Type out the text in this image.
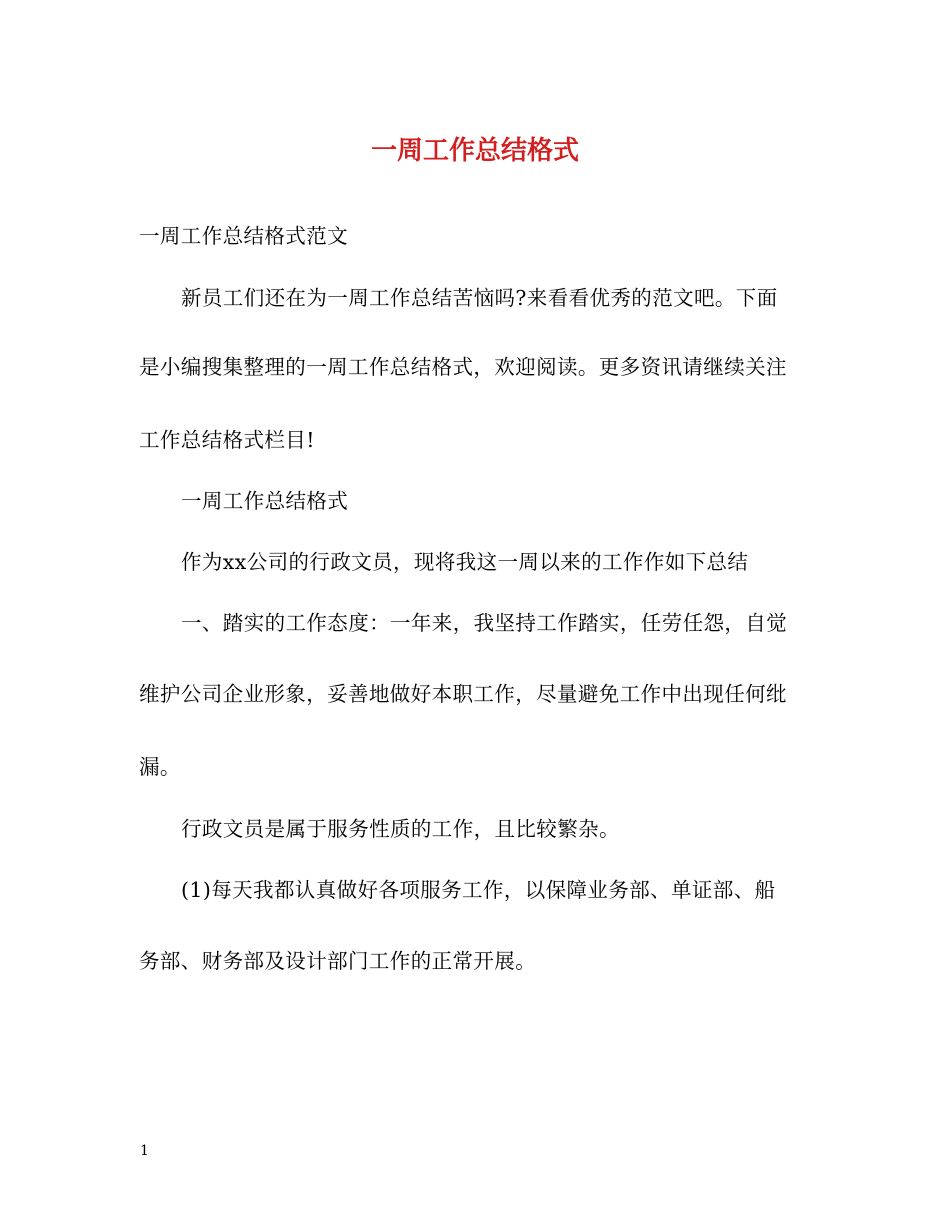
一周工作总结格式
一周工作总结格式范文
新员工们还在为一周工作总结苦恼吗?来看看优秀的范文吧。下面
是小编搜集整理的一周工作总结格式，欢迎阅读。更多资讯请继续关注
工作总结格式栏目!
一周工作总结格式
作为xx公司的行政文员，现将我这一周以来的工作作如下总结
一、踏实的工作态度：一年来，我坚持工作踏实，任劳任怨，自觉
维护公司企业形象，妥善地做好本职工作，尽量避免工作中出现任何纰
漏。
行政文员是属于服务性质的工作，且比较繁杂。
(1)每天我都认真做好各项服务工作，以保障业务部、单证部、船
务部、财务部及设计部门工作的正常开展。
1
